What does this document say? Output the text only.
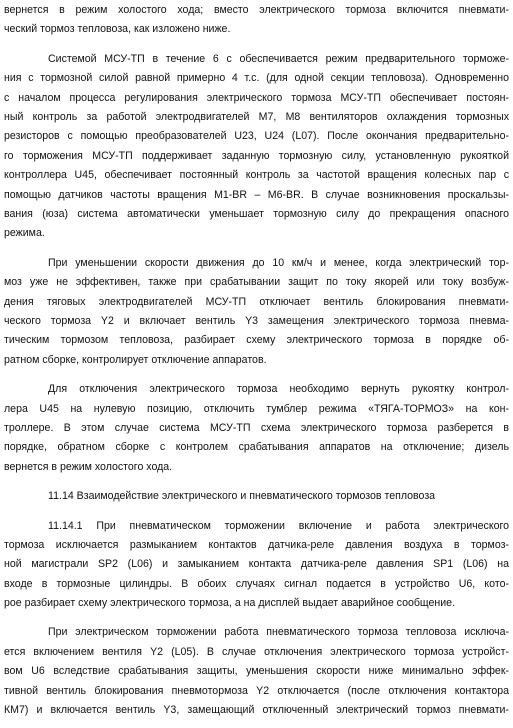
вернется в режим холостого хода; вместо электрического тормоза включится пневмати-

ческий тормоз тепловоза, как изложено ниже.

Системой МСУ-ТП в течение 6 с обеспечивается режим предварительного торможе-

ния с тормозной силой равной примерно 4 т.с. (для одной секции тепловоза). Одновременно

с началом процесса регулирования электрического тормоза МСУ-ТП обеспечивает постоян-

ный контроль за работой электродвигателей М7, М8 вентиляторов охлаждения тормозных

резисторов с помощью преобразователей U23, U24 (L07). После окончания предварительно-

го торможения МСУ-ТП поддерживает заданную тормозную силу, установленную рукояткой

контроллера U45, обеспечивает постоянный контроль за частотой вращения колесных пар с

помощью датчиков частоты вращения М1-BR – M6-BR. В случае возникновения проскальзы-

вания (юза) система автоматически уменьшает тормозную силу до прекращения опасного

режима.

При уменьшении скорости движения до 10 км/ч и менее, когда электрический тор-

моз уже не эффективен, также при срабатывании защит по току якорей или току возбуж-

дения тяговых электродвигателей МСУ-ТП отключает вентиль блокирования пневмати-

ческого тормоза Y2 и включает вентиль Y3 замещения электрического тормоза пневма-

тическим тормозом тепловоза, разбирает схему электрического тормоза в порядке об-

ратном сборке, контролирует отключение аппаратов.

Для отключения электрического тормоза необходимо вернуть рукоятку контрол-

лера U45 на нулевую позицию, отключить тумблер режима «ТЯГА-ТОРМОЗ» на кон-

троллере. В этом случае система МСУ-ТП схема электрического тормоза разберется в

порядке, обратном сборке с контролем срабатывания аппаратов на отключение; дизель

вернется в режим холостого хода.

11.14 Взаимодействие электрического и пневматического тормозов тепловоза

11.14.1 При пневматическом торможении включение и работа электрического

тормоза исключается размыканием контактов датчика-реле давления воздуха в тормоз-

ной магистрали SP2 (L06) и замыканием контакта датчика-реле давления SP1 (L06) на

входе в тормозные цилиндры. В обоих случаях сигнал подается в устройство U6, кото-

рое разбирает схему электрического тормоза, а на дисплей выдает аварийное сообщение.

При электрическом торможении работа пневматического тормоза тепловоза исключа-

ется включением вентиля Y2 (L05). В случае отключения электрического тормоза устройст-

вом U6 вследствие срабатывания защиты, уменьшения скорости ниже минимально эффек-

тивной вентиль блокирования пневмотормоза Y2 отключается (после отключения контактора

КМ7) и включается вентиль Y3, замещающий отключенный электрический тормоз пневмати-
